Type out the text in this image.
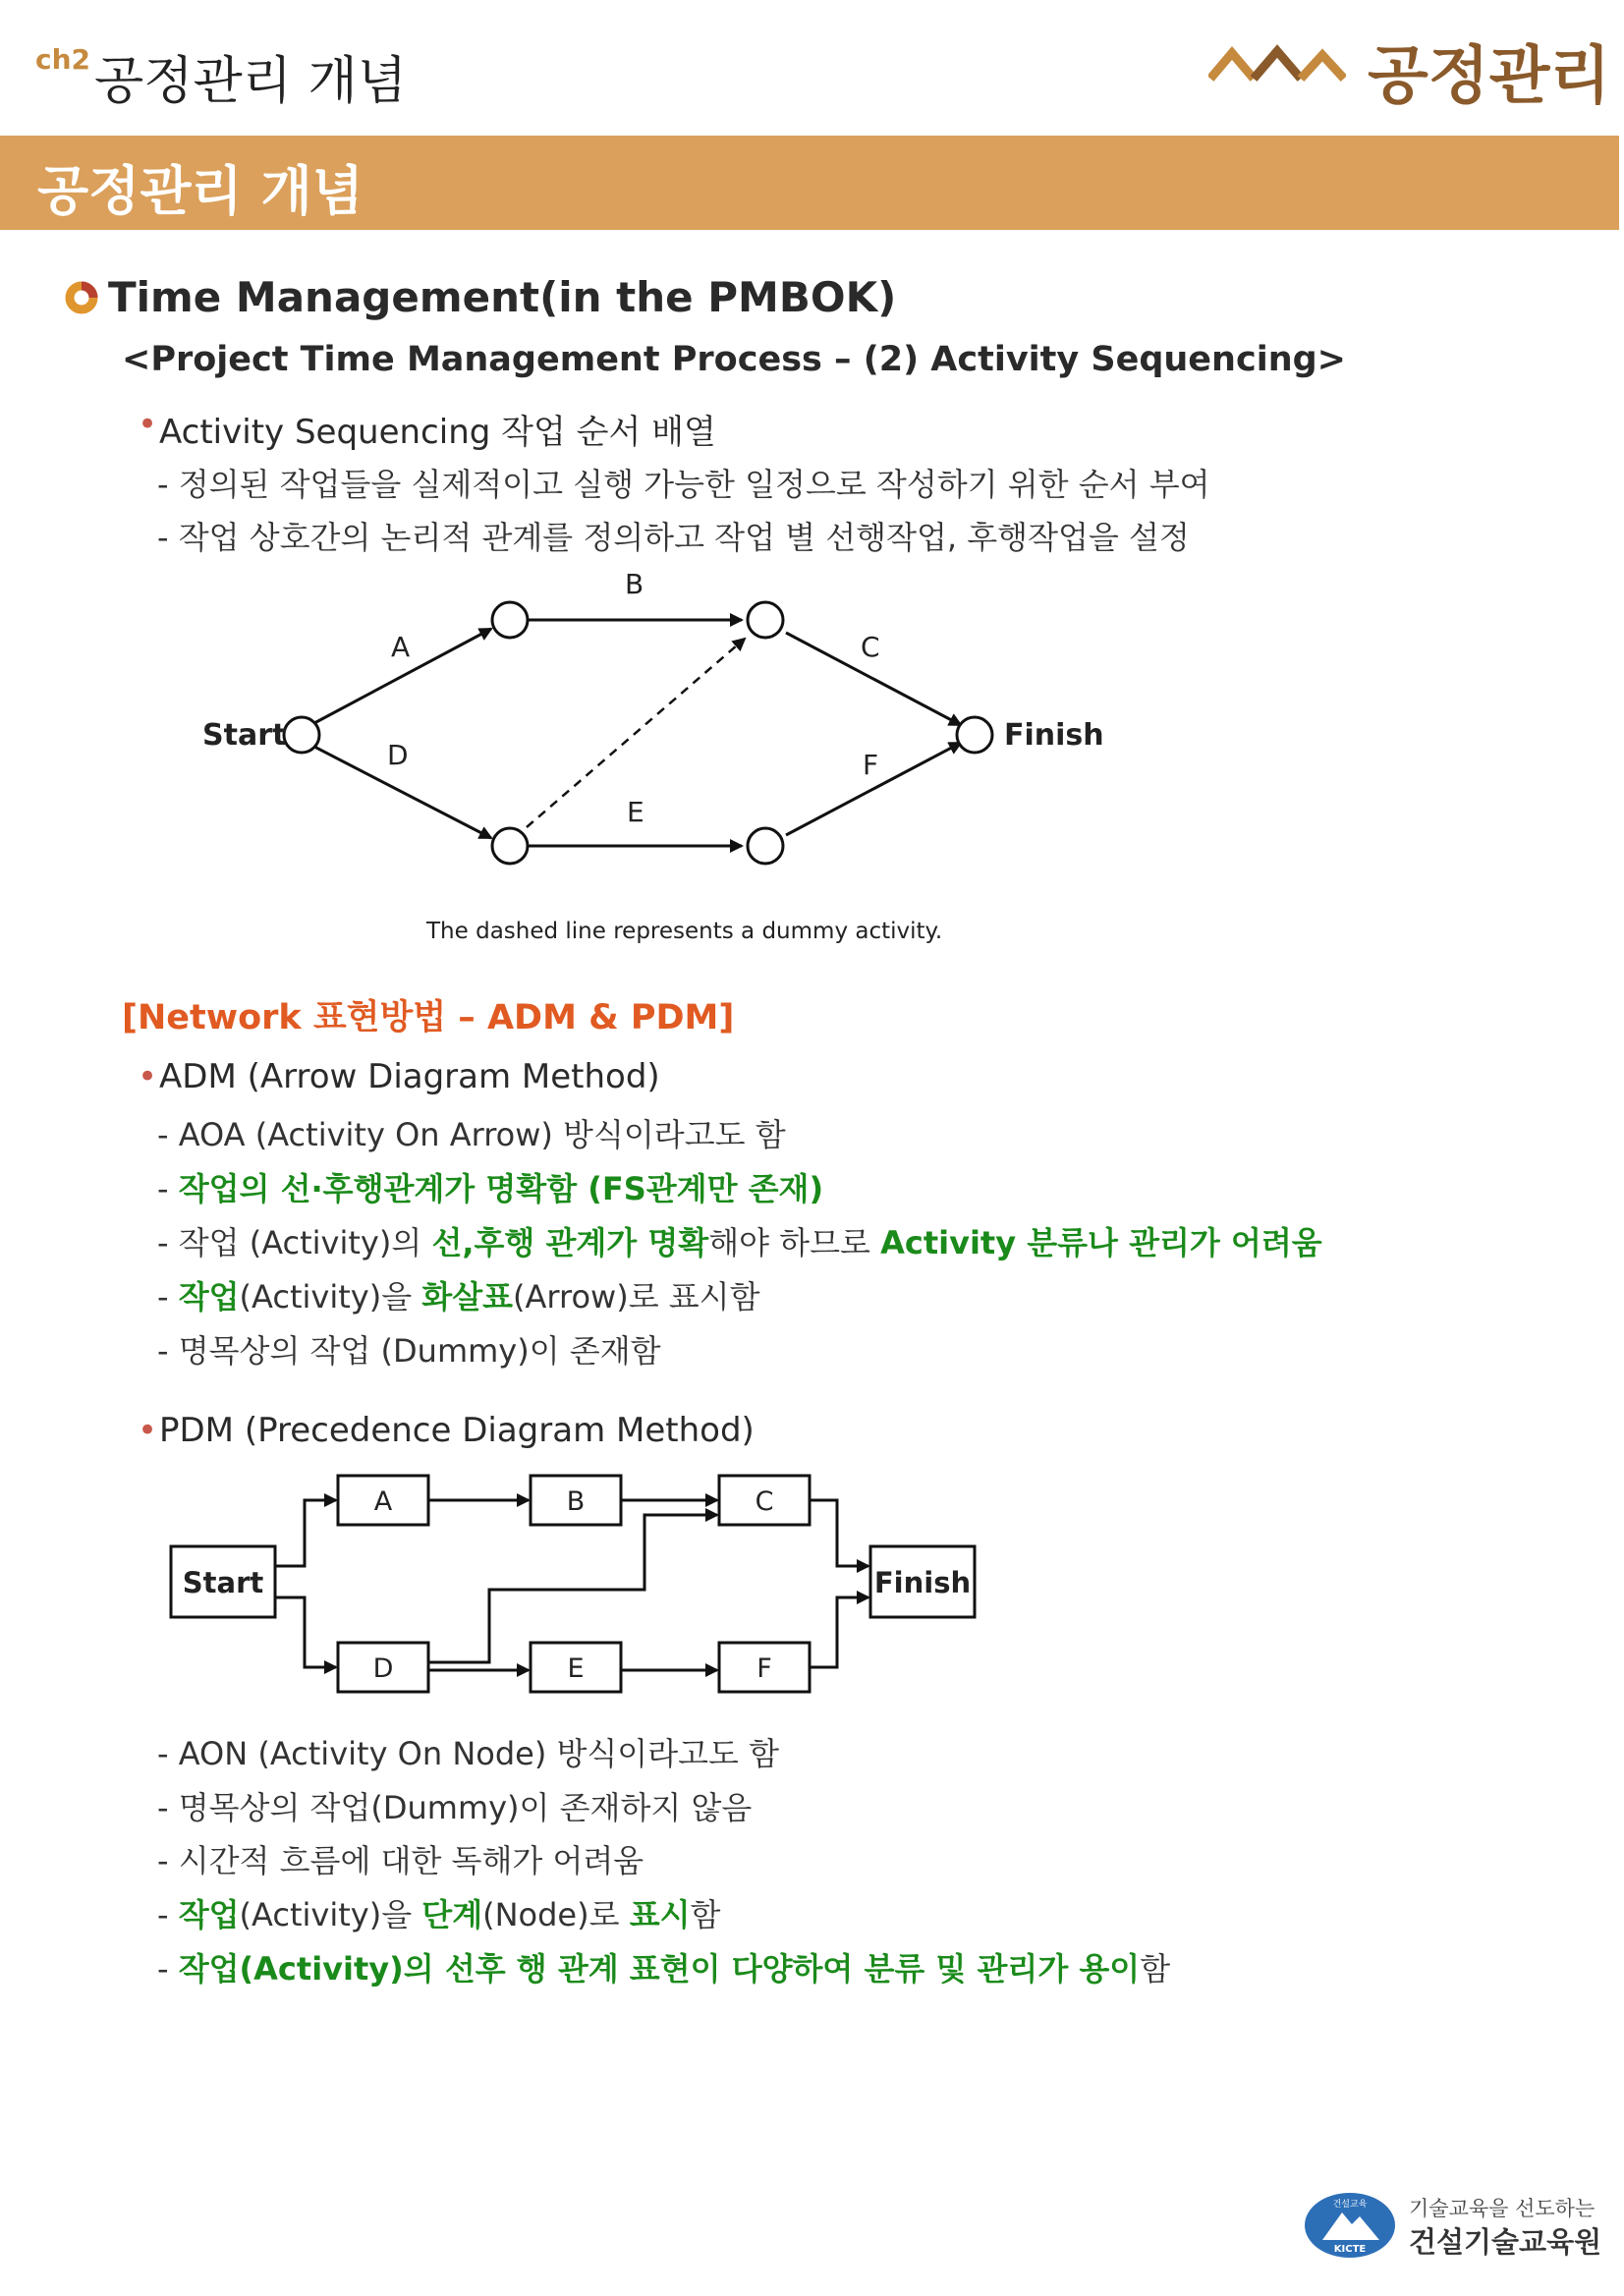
ch2 공정관리 개념	공정관리
공정관리 개념
Time Management(in the PMBOK)
<Project Time Management Process – (2) Activity Sequencing>
• Activity Sequencing 작업 순서 배열
- 정의된 작업들을 실제적이고 실행 가능한 일정으로 작성하기 위한 순서 부여
- 작업 상호간의 논리적 관계를 정의하고 작업 별 선행작업, 후행작업을 설정
Start	Finish
A
B
C
D
E
F
The dashed line represents a dummy activity.
[Network 표현방법 – ADM & PDM]
• ADM (Arrow Diagram Method)
- AOA (Activity On Arrow) 방식이라고도 함
- 작업의 선·후행관계가 명확함 (FS관계만 존재)
- 작업 (Activity)의 선,후행 관계가 명확해야 하므로 Activity 분류나 관리가 어려움
- 작업(Activity)을 화살표(Arrow)로 표시함
- 명목상의 작업 (Dummy)이 존재함
• PDM (Precedence Diagram Method)
Start	Finish
A	B	C
D	E	F
- AON (Activity On Node) 방식이라고도 함
- 명목상의 작업(Dummy)이 존재하지 않음
- 시간적 흐름에 대한 독해가 어려움
- 작업(Activity)을 단계(Node)로 표시함
- 작업(Activity)의 선후 행 관계 표현이 다양하여 분류 및 관리가 용이함
건설교육
KICTE
기술교육을 선도하는
건설기술교육원
